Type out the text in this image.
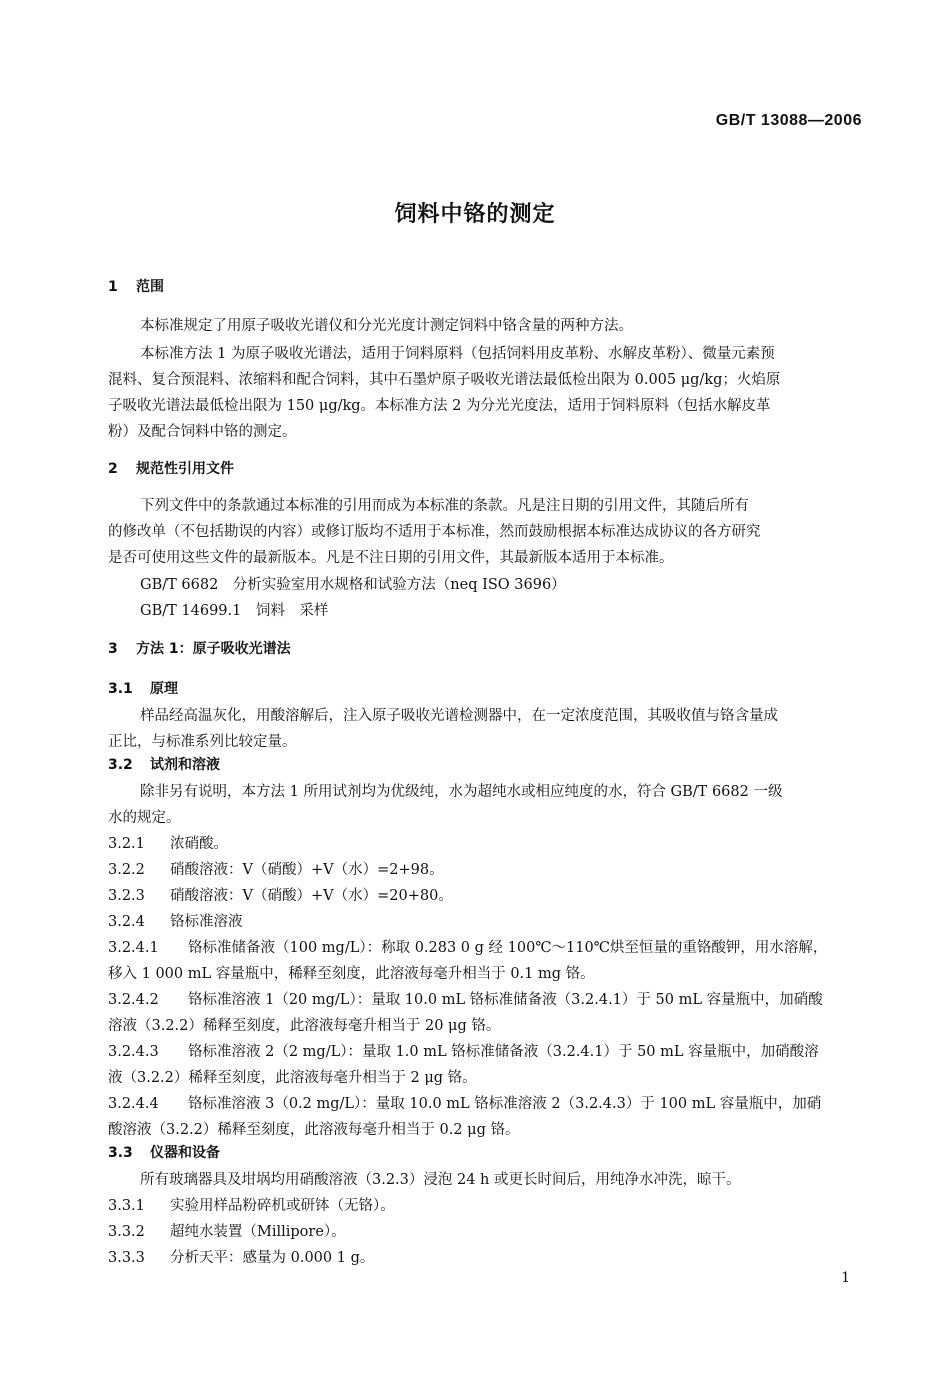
GB/T 13088—2006
饲料中铬的测定
1 范围
本标准规定了用原子吸收光谱仪和分光光度计测定饲料中铬含量的两种方法。
本标准方法 1 为原子吸收光谱法，适用于饲料原料（包括饲料用皮革粉、水解皮革粉）、微量元素预
混料、复合预混料、浓缩料和配合饲料，其中石墨炉原子吸收光谱法最低检出限为 0.005 μg/kg；火焰原
子吸收光谱法最低检出限为 150 μg/kg。本标准方法 2 为分光光度法，适用于饲料原料（包括水解皮革
粉）及配合饲料中铬的测定。
2 规范性引用文件
下列文件中的条款通过本标准的引用而成为本标准的条款。凡是注日期的引用文件，其随后所有
的修改单（不包括勘误的内容）或修订版均不适用于本标准，然而鼓励根据本标准达成协议的各方研究
是否可使用这些文件的最新版本。凡是不注日期的引用文件，其最新版本适用于本标准。
GB/T 6682　分析实验室用水规格和试验方法（neq ISO 3696）
GB/T 14699.1　饲料　采样
3 方法 1：原子吸收光谱法
3.1 原理
样品经高温灰化，用酸溶解后，注入原子吸收光谱检测器中，在一定浓度范围，其吸收值与铬含量成
正比，与标准系列比较定量。
3.2 试剂和溶液
除非另有说明，本方法 1 所用试剂均为优级纯，水为超纯水或相应纯度的水，符合 GB/T 6682 一级
水的规定。
3.2.1 浓硝酸。
3.2.2 硝酸溶液：V（硝酸）+V（水）=2+98。
3.2.3 硝酸溶液：V（硝酸）+V（水）=20+80。
3.2.4 铬标准溶液
3.2.4.1 铬标准储备液（100 mg/L）：称取 0.283 0 g 经 100℃～110℃烘至恒量的重铬酸钾，用水溶解，
移入 1 000 mL 容量瓶中，稀释至刻度，此溶液每毫升相当于 0.1 mg 铬。
3.2.4.2 铬标准溶液 1（20 mg/L）：量取 10.0 mL 铬标准储备液（3.2.4.1）于 50 mL 容量瓶中，加硝酸
溶液（3.2.2）稀释至刻度，此溶液每毫升相当于 20 μg 铬。
3.2.4.3 铬标准溶液 2（2 mg/L）：量取 1.0 mL 铬标准储备液（3.2.4.1）于 50 mL 容量瓶中，加硝酸溶
液（3.2.2）稀释至刻度，此溶液每毫升相当于 2 μg 铬。
3.2.4.4 铬标准溶液 3（0.2 mg/L）：量取 10.0 mL 铬标准溶液 2（3.2.4.3）于 100 mL 容量瓶中，加硝
酸溶液（3.2.2）稀释至刻度，此溶液每毫升相当于 0.2 μg 铬。
3.3 仪器和设备
所有玻璃器具及坩埚均用硝酸溶液（3.2.3）浸泡 24 h 或更长时间后，用纯净水冲洗，晾干。
3.3.1 实验用样品粉碎机或研钵（无铬）。
3.3.2 超纯水装置（Millipore）。
3.3.3 分析天平：感量为 0.000 1 g。
1
